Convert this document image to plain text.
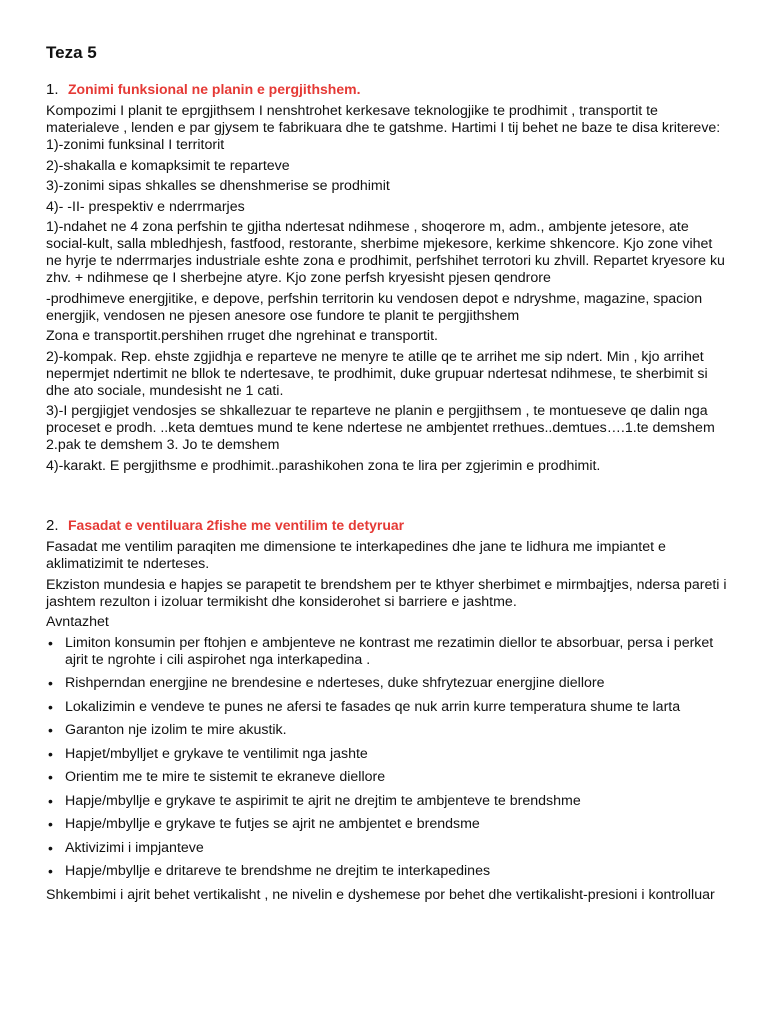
Teza 5
1. Zonimi funksional ne planin e pergjithshem.
Kompozimi I planit te eprgjithsem I nenshtrohet kerkesave teknologjike te prodhimit , transportit te materialeve , lenden e par gjysem te fabrikuara dhe te gatshme. Hartimi I tij behet ne baze te disa kritereve: 1)-zonimi funksinal I territorit
2)-shakalla e komapksimit te reparteve
3)-zonimi sipas shkalles se dhenshmerise se prodhimit
4)- -II- prespektiv e nderrmarjes
1)-ndahet ne 4 zona perfshin te gjitha ndertesat ndihmese , shoqerore m, adm., ambjente jetesore, ate social-kult, salla mbledhjesh, fastfood, restorante, sherbime mjekesore, kerkime shkencore. Kjo zone vihet ne hyrje te nderrmarjes industriale eshte zona e prodhimit, perfshihet terrotori ku zhvill. Repartet kryesore ku zhv. + ndihmese qe I sherbejne atyre. Kjo zone perfsh kryesisht pjesen qendrore
-prodhimeve energjitike, e depove, perfshin territorin ku vendosen depot e ndryshme, magazine, spacion energjik, vendosen ne pjesen anesore ose fundore te planit te pergjithshem
Zona e transportit.pershihen rruget dhe ngrehinat e transportit.
2)-kompak. Rep. ehste zgjidhja e reparteve ne menyre te atille qe te arrihet me sip ndert. Min , kjo arrihet nepermjet ndertimit ne bllok te ndertesave, te prodhimit, duke grupuar ndertesat ndihmese, te sherbimit si dhe ato sociale, mundesisht ne 1 cati.
3)-I pergjigjet vendosjes se shkallezuar te reparteve ne planin e pergjithsem , te montueseve qe dalin nga proceset e prodh. ..keta demtues mund te kene ndertese ne ambjentet rrethues..demtues….1.te demshem 2.pak te demshem 3. Jo te demshem
4)-karakt. E pergjithsme e prodhimit..parashikohen zona te lira per zgjerimin e prodhimit.
2. Fasadat e ventiluara 2fishe me ventilim te detyruar
Fasadat me ventilim paraqiten me dimensione te interkapedines dhe jane te lidhura me impiantet e aklimatizimit te nderteses.
Ekziston mundesia e hapjes se parapetit te brendshem per te kthyer sherbimet e mirmbajtjes, ndersa pareti i jashtem rezulton i izoluar termikisht dhe konsiderohet si barriere e jashtme.
Avntazhet
• Limiton konsumin per ftohjen e ambjenteve ne kontrast me rezatimin diellor te absorbuar, persa i perket ajrit te ngrohte i cili aspirohet nga interkapedina .
• Rishperndan energjine ne brendesine e nderteses, duke shfrytezuar energjine diellore
• Lokalizimin e vendeve te punes ne afersi te fasades qe nuk arrin kurre temperatura shume te larta
• Garanton nje izolim te mire akustik.
• Hapjet/mbylljet e grykave te ventilimit nga jashte
• Orientim me te mire te sistemit te ekraneve diellore
• Hapje/mbyllje e grykave te aspirimit te ajrit ne drejtim te ambjenteve te brendshme
• Hapje/mbyllje e grykave te futjes se ajrit ne ambjentet e brendsme
• Aktivizimi i impjanteve
• Hapje/mbyllje e dritareve te brendshme ne drejtim te interkapedines
Shkembimi i ajrit behet vertikalisht , ne nivelin e dyshemese por behet dhe vertikalisht-presioni i kontrolluar
